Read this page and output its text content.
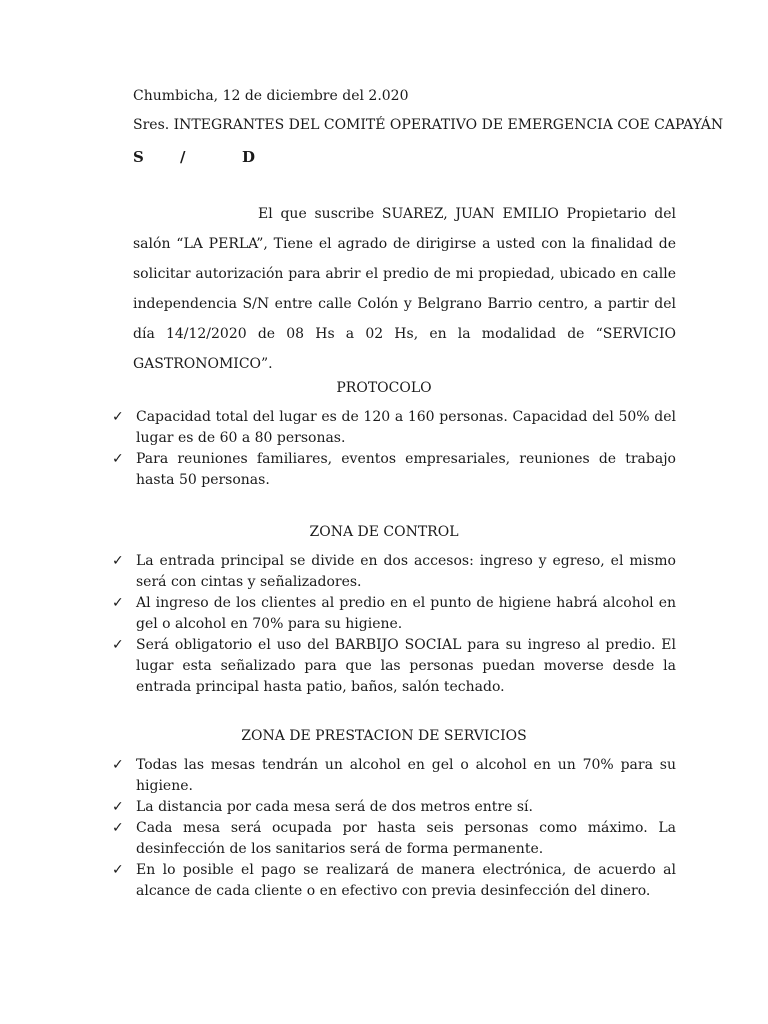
Chumbicha, 12 de diciembre del 2.020
Sres. INTEGRANTES DEL COMITÉ OPERATIVO DE EMERGENCIA COE CAPAYÁN
S /	D
El que suscribe SUAREZ, JUAN EMILIO Propietario del salón “LA PERLA”, Tiene el agrado de dirigirse a usted con la finalidad de solicitar autorización para abrir el predio de mi propiedad, ubicado en calle independencia S/N entre calle Colón y Belgrano Barrio centro, a partir del día 14/12/2020 de 08 Hs a 02 Hs, en la modalidad de “SERVICIO GASTRONOMICO”.
PROTOCOLO
✓ Capacidad total del lugar es de 120 a 160 personas. Capacidad del 50% del lugar es de 60 a 80 personas.
✓ Para reuniones familiares, eventos empresariales, reuniones de trabajo hasta 50 personas.
ZONA DE CONTROL
✓ La entrada principal se divide en dos accesos: ingreso y egreso, el mismo será con cintas y señalizadores.
✓ Al ingreso de los clientes al predio en el punto de higiene habrá alcohol en gel o alcohol en 70% para su higiene.
✓ Será obligatorio el uso del BARBIJO SOCIAL para su ingreso al predio. El lugar esta señalizado para que las personas puedan moverse desde la entrada principal hasta patio, baños, salón techado.
ZONA DE PRESTACION DE SERVICIOS
✓ Todas las mesas tendrán un alcohol en gel o alcohol en un 70% para su higiene.
✓ La distancia por cada mesa será de dos metros entre sí.
✓ Cada mesa será ocupada por hasta seis personas como máximo. La desinfección de los sanitarios será de forma permanente.
✓ En lo posible el pago se realizará de manera electrónica, de acuerdo al alcance de cada cliente o en efectivo con previa desinfección del dinero.
